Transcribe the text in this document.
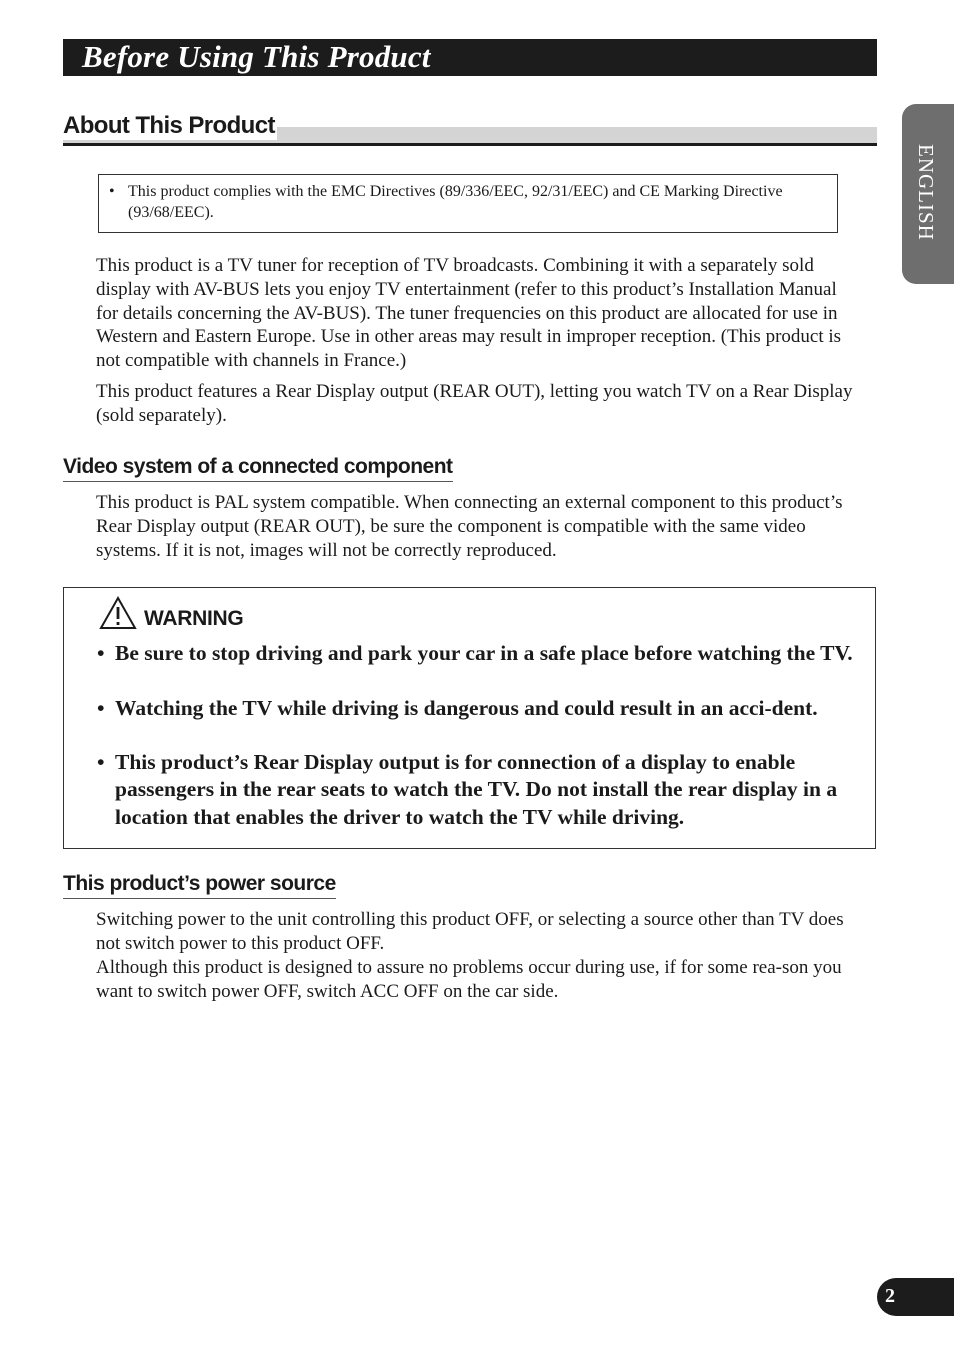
Before Using This Product
About This Product
• This product complies with the EMC Directives (89/336/EEC, 92/31/EEC) and CE Marking Directive (93/68/EEC).

This product is a TV tuner for reception of TV broadcasts. Combining it with a separately sold display with AV-BUS lets you enjoy TV entertainment (refer to this product’s Installation Manual for details concerning the AV-BUS). The tuner frequencies on this product are allocated for use in Western and Eastern Europe. Use in other areas may result in improper reception. (This product is not compatible with channels in France.)

This product features a Rear Display output (REAR OUT), letting you watch TV on a Rear Display (sold separately).

Video system of a connected component

This product is PAL system compatible. When connecting an external component to this product’s Rear Display output (REAR OUT), be sure the component is compatible with the same video systems. If it is not, images will not be correctly reproduced.

WARNING
Be sure to stop driving and park your car in a safe place before watching the TV.
Watching the TV while driving is dangerous and could result in an acci-dent.
This product’s Rear Display output is for connection of a display to enable passengers in the rear seats to watch the TV. Do not install the rear display in a location that enables the driver to watch the TV while driving.
•
•
•
This product’s power source

Switching power to the unit controlling this product OFF, or selecting a source other than TV does not switch power to this product OFF.

Although this product is designed to assure no problems occur during use, if for some rea-son you want to switch power OFF, switch ACC OFF on the car side.

ENGLISH
2
